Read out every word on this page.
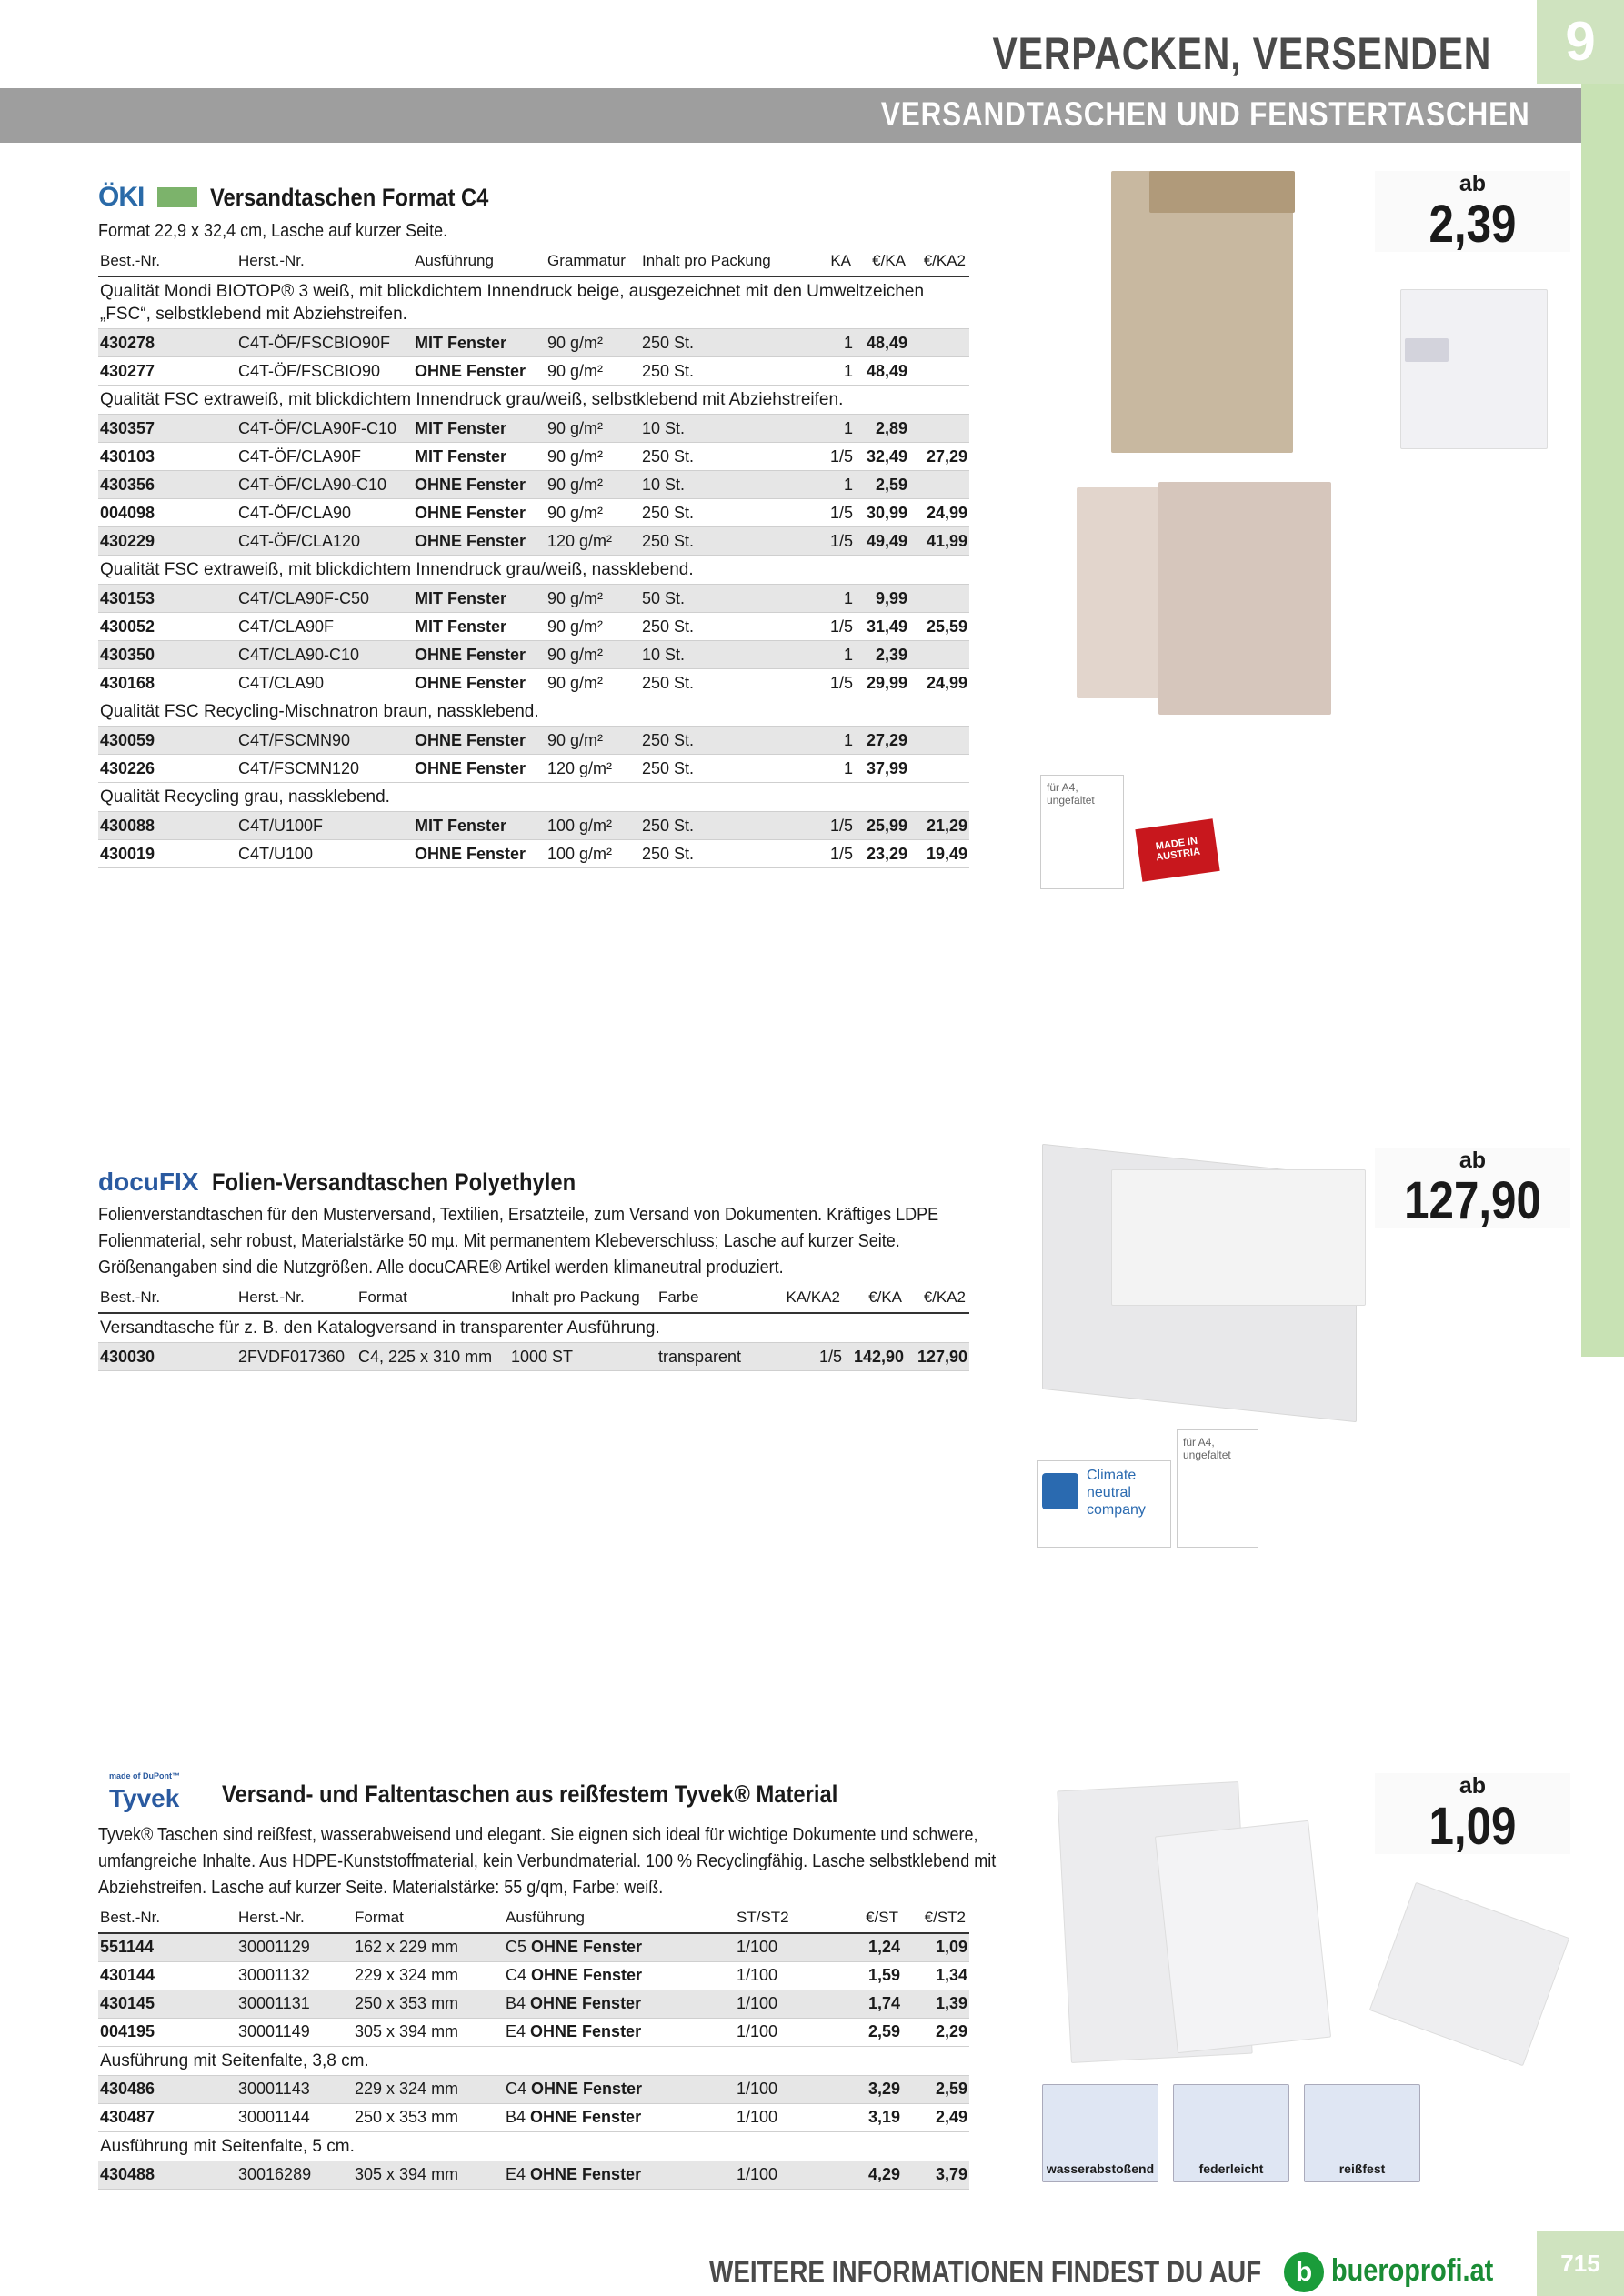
VERPACKEN, VERSENDEN	9
VERSANDTASCHEN UND FENSTERTASCHEN
ÖKI	Versandtaschen Format C4
Format 22,9 x 32,4 cm, Lasche auf kurzer Seite.
Best.-Nr.	Herst.-Nr.	Ausführung	Grammatur	Inhalt pro Packung	KA	€/KA	€/KA2
Qualität Mondi BIOTOP® 3 weiß, mit blickdichtem Innendruck beige, ausgezeichnet mit den Umweltzeichen „FSC“, selbstklebend mit Abziehstreifen.							
430278	C4T-ÖF/FSCBIO90F	MIT Fenster	90 g/m²	250 St.	1	48,49	
430277	C4T-ÖF/FSCBIO90	OHNE Fenster	90 g/m²	250 St.	1	48,49	
Qualität FSC extraweiß, mit blickdichtem Innendruck grau/weiß, selbstklebend mit Abziehstreifen.							
430357	C4T-ÖF/CLA90F-C10	MIT Fenster	90 g/m²	10 St.	1	2,89	
430103	C4T-ÖF/CLA90F	MIT Fenster	90 g/m²	250 St.	1/5	32,49	27,29
430356	C4T-ÖF/CLA90-C10	OHNE Fenster	90 g/m²	10 St.	1	2,59	
004098	C4T-ÖF/CLA90	OHNE Fenster	90 g/m²	250 St.	1/5	30,99	24,99
430229	C4T-ÖF/CLA120	OHNE Fenster	120 g/m²	250 St.	1/5	49,49	41,99
Qualität FSC extraweiß, mit blickdichtem Innendruck grau/weiß, nassklebend.							
430153	C4T/CLA90F-C50	MIT Fenster	90 g/m²	50 St.	1	9,99	
430052	C4T/CLA90F	MIT Fenster	90 g/m²	250 St.	1/5	31,49	25,59
430350	C4T/CLA90-C10	OHNE Fenster	90 g/m²	10 St.	1	2,39	
430168	C4T/CLA90	OHNE Fenster	90 g/m²	250 St.	1/5	29,99	24,99
Qualität FSC Recycling-Mischnatron braun, nassklebend.							
430059	C4T/FSCMN90	OHNE Fenster	90 g/m²	250 St.	1	27,29	
430226	C4T/FSCMN120	OHNE Fenster	120 g/m²	250 St.	1	37,99	
Qualität Recycling grau, nassklebend.							
430088	C4T/U100F	MIT Fenster	100 g/m²	250 St.	1/5	25,99	21,29
430019	C4T/U100	OHNE Fenster	100 g/m²	250 St.	1/5	23,29	19,49
ab
2,39
für A4, ungefaltet
MADE IN AUSTRIA
docuFIX Folien-Versandtaschen Polyethylen
Folienverstandtaschen für den Musterversand, Textilien, Ersatzteile, zum Versand von Dokumenten. Kräftiges LDPE Folienmaterial, sehr robust, Materialstärke 50 mµ. Mit permanentem Klebeverschluss; Lasche auf kurzer Seite. Größenangaben sind die Nutzgrößen. Alle docuCARE® Artikel werden klimaneutral produziert.
Best.-Nr.	Herst.-Nr.	Format	Inhalt pro Packung	Farbe	KA/KA2	€/KA	€/KA2
Versandtasche für z. B. den Katalogversand in transparenter Ausführung.							
430030	2FVDF017360	C4, 225 x 310 mm	1000 ST	transparent	1/5	142,90	127,90
ab
127,90
Climate neutral company
für A4, ungefaltet
made of DuPont™
Tyvek Versand- und Faltentaschen aus reißfestem Tyvek® Material
Tyvek® Taschen sind reißfest, wasserabweisend und elegant. Sie eignen sich ideal für wichtige Dokumente und schwere, umfangreiche Inhalte. Aus HDPE-Kunststoffmaterial, kein Verbundmaterial. 100 % Recyclingfähig. Lasche selbstklebend mit Abziehstreifen. Lasche auf kurzer Seite. Materialstärke: 55 g/qm, Farbe: weiß.
Best.-Nr.	Herst.-Nr.	Format	Ausführung	ST/ST2	€/ST	€/ST2
551144	30001129	162 x 229 mm	C5 OHNE Fenster	1/100	1,24	1,09
430144	30001132	229 x 324 mm	C4 OHNE Fenster	1/100	1,59	1,34
430145	30001131	250 x 353 mm	B4 OHNE Fenster	1/100	1,74	1,39
004195	30001149	305 x 394 mm	E4 OHNE Fenster	1/100	2,59	2,29
Ausführung mit Seitenfalte, 3,8 cm.						
430486	30001143	229 x 324 mm	C4 OHNE Fenster	1/100	3,29	2,59
430487	30001144	250 x 353 mm	B4 OHNE Fenster	1/100	3,19	2,49
Ausführung mit Seitenfalte, 5 cm.						
430488	30016289	305 x 394 mm	E4 OHNE Fenster	1/100	4,29	3,79
ab
1,09
wasserabstoßend	federleicht	reißfest
WEITERE INFORMATIONEN FINDEST DU AUF	b bueroprofi.at	715
